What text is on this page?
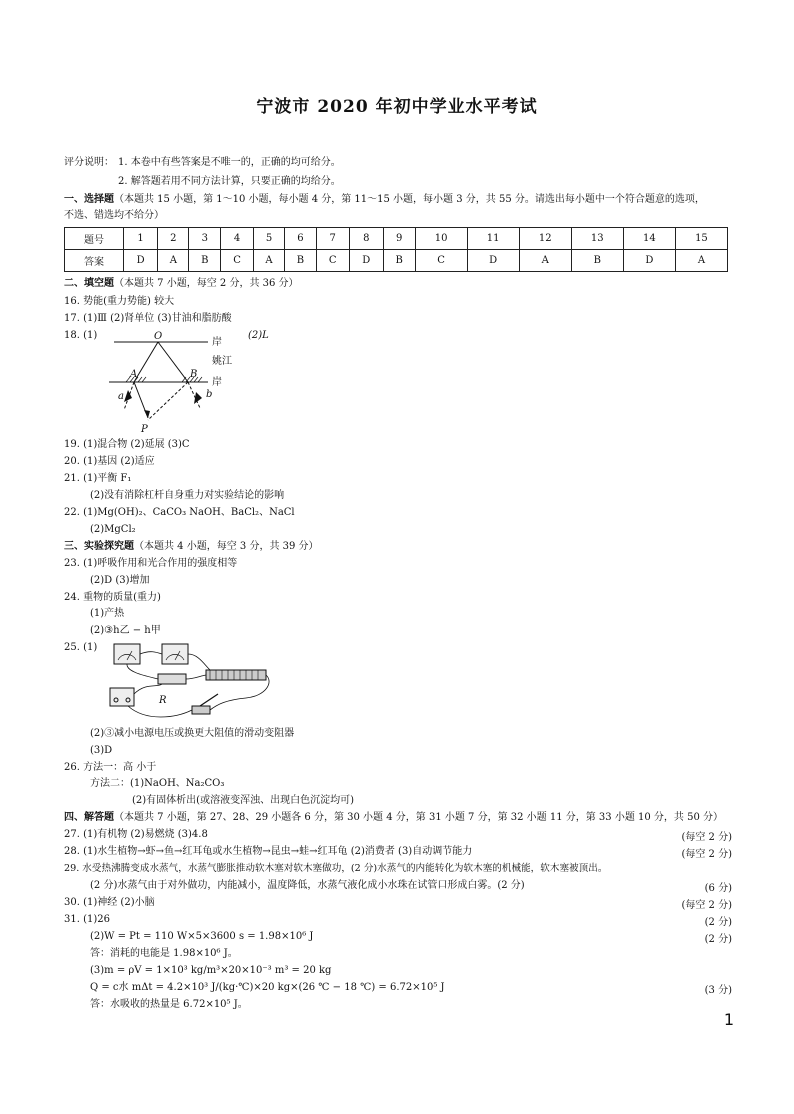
宁波市 2020 年初中学业水平考试
评分说明： 1. 本卷中有些答案是不唯一的，正确的均可给分。
2. 解答题若用不同方法计算，只要正确的均给分。
一、选择题（本题共 15 小题，第 1～10 小题，每小题 4 分，第 11～15 小题，每小题 3 分，共 55 分。请选出每小题中一个符合题意的选项，
不选、错选均不给分）
题号	1	2	3	4	5	6	7	8	9	10	11	12	13	14	15
答案	D	A	B	C	A	B	C	D	B	C	D	A	B	D	A
二、填空题（本题共 7 小题，每空 2 分，共 36 分）
16. 势能(重力势能) 较大
17. (1)Ⅲ (2)肾单位 (3)甘油和脂肪酸
18. (1)	(2)L
O
岸
姚江
岸
A	B
a	b
P
19. (1)混合物 (2)延展 (3)C
20. (1)基因 (2)适应
21. (1)平衡 F₁
(2)没有消除杠杆自身重力对实验结论的影响
22. (1)Mg(OH)₂、CaCO₃ NaOH、BaCl₂、NaCl
(2)MgCl₂
三、实验探究题（本题共 4 小题，每空 3 分，共 39 分）
23. (1)呼吸作用和光合作用的强度相等
(2)D (3)增加
24. 重物的质量(重力)
(1)产热
(2)③h乙 − h甲
25. (1)
R
(2)③减小电源电压或换更大阻值的滑动变阻器
(3)D
26. 方法一：高 小于
方法二：(1)NaOH、Na₂CO₃
(2)有固体析出(或溶液变浑浊、出现白色沉淀均可)
四、解答题（本题共 7 小题，第 27、28、29 小题各 6 分，第 30 小题 4 分，第 31 小题 7 分，第 32 小题 11 分，第 33 小题 10 分，共 50 分）
27. (1)有机物 (2)易燃烧 (3)4.8	(每空 2 分)
28. (1)水生植物→虾→鱼→红耳龟或水生植物→昆虫→蛙→红耳龟 (2)消费者 (3)自动调节能力	(每空 2 分)
29. 水受热沸腾变成水蒸气，水蒸气膨胀推动软木塞对软木塞做功，(2 分)水蒸气的内能转化为软木塞的机械能，软木塞被顶出。
(2 分)水蒸气由于对外做功，内能减小，温度降低，水蒸气液化成小水珠在试管口形成白雾。(2 分)	(6 分)
30. (1)神经 (2)小脑	(每空 2 分)
31. (1)26	(2 分)
(2)W = Pt = 110 W×5×3600 s = 1.98×10⁶ J	(2 分)
答：消耗的电能是 1.98×10⁶ J。
(3)m = ρV = 1×10³ kg/m³×20×10⁻³ m³ = 20 kg
Q = c水 mΔt = 4.2×10³ J/(kg·℃)×20 kg×(26 ℃ − 18 ℃) = 6.72×10⁵ J	(3 分)
答：水吸收的热量是 6.72×10⁵ J。
1
